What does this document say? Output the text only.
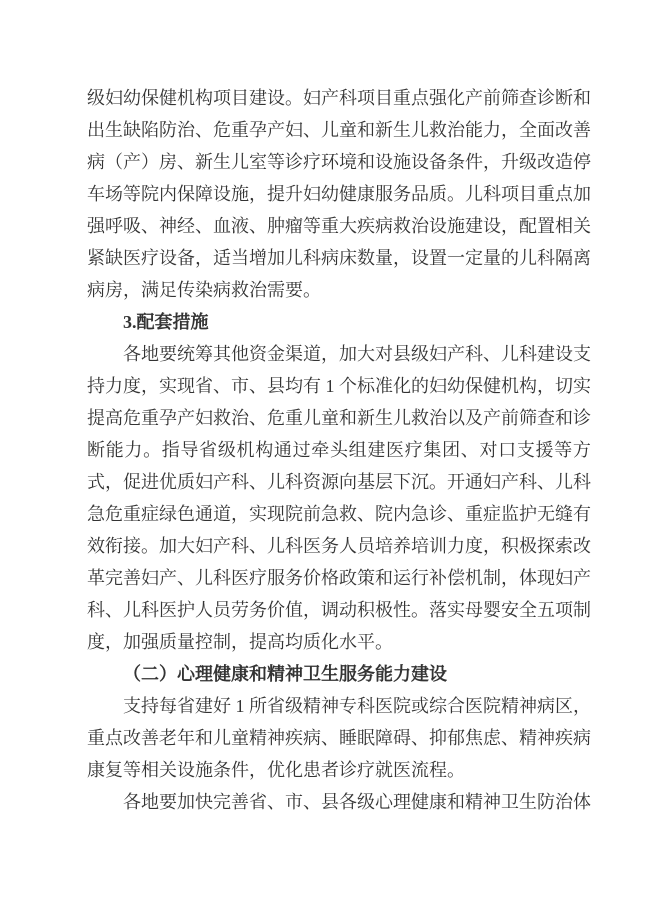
级 妇 幼 保 健 机 构 项 目 建 设 。 妇 产 科 项 目 重 点 强 化 产 前 筛 查 诊 断 和
出 生 缺 陷 防 治 、 危 重 孕 产 妇 、 儿 童 和 新 生 儿 救 治 能 力 ， 全 面 改 善
病 （ 产 ） 房 、 新 生 儿 室 等 诊 疗 环 境 和 设 施 设 备 条 件 ， 升 级 改 造 停
车 场 等 院 内 保 障 设 施 ， 提 升 妇 幼 健 康 服 务 品 质 。 儿 科 项 目 重 点 加
强 呼 吸 、 神 经 、 血 液 、 肿 瘤 等 重 大 疾 病 救 治 设 施 建 设 ， 配 置 相 关
紧 缺 医 疗 设 备 ， 适 当 增 加 儿 科 病 床 数 量 ， 设 置 一 定 量 的 儿 科 隔 离
病房，满足传染病救治需要。
3.配套措施
各 地 要 统 筹 其 他 资 金 渠 道 ， 加 大 对 县 级 妇 产 科 、 儿 科 建 设 支
持 力 度 ， 实 现 省 、 市 、 县 均 有
1
个 标 准 化 的 妇 幼 保 健 机 构 ， 切 实
提 高 危 重 孕 产 妇 救 治 、 危 重 儿 童 和 新 生 儿 救 治 以 及 产 前 筛 查 和 诊
断 能 力 。 指 导 省 级 机 构 通 过 牵 头 组 建 医 疗 集 团 、 对 口 支 援 等 方
式 ， 促 进 优 质 妇 产 科 、 儿 科 资 源 向 基 层 下 沉 。 开 通 妇 产 科 、 儿 科
急 危 重 症 绿 色 通 道 ， 实 现 院 前 急 救 、 院 内 急 诊 、 重 症 监 护 无 缝 有
效 衔 接 。 加 大 妇 产 科 、 儿 科 医 务 人 员 培 养 培 训 力 度 ， 积 极 探 索 改
革 完 善 妇 产 、 儿 科 医 疗 服 务 价 格 政 策 和 运 行 补 偿 机 制 ， 体 现 妇 产
科 、 儿 科 医 护 人 员 劳 务 价 值 ， 调 动 积 极 性 。 落 实 母 婴 安 全 五 项 制
度，加强质量控制，提高均质化水平。
（二）心理健康和精神卫生服务能力建设
支持每省建好 1 所省级精神专科医院或综合医院精神病区，
重 点 改 善 老 年 和 儿 童 精 神 疾 病 、 睡 眠 障 碍 、 抑 郁 焦 虑 、 精 神 疾 病
康复等相关设施条件，优化患者诊疗就医流程。
各 地 要 加 快 完 善 省 、 市 、 县 各 级 心 理 健 康 和 精 神 卫 生 防 治 体
